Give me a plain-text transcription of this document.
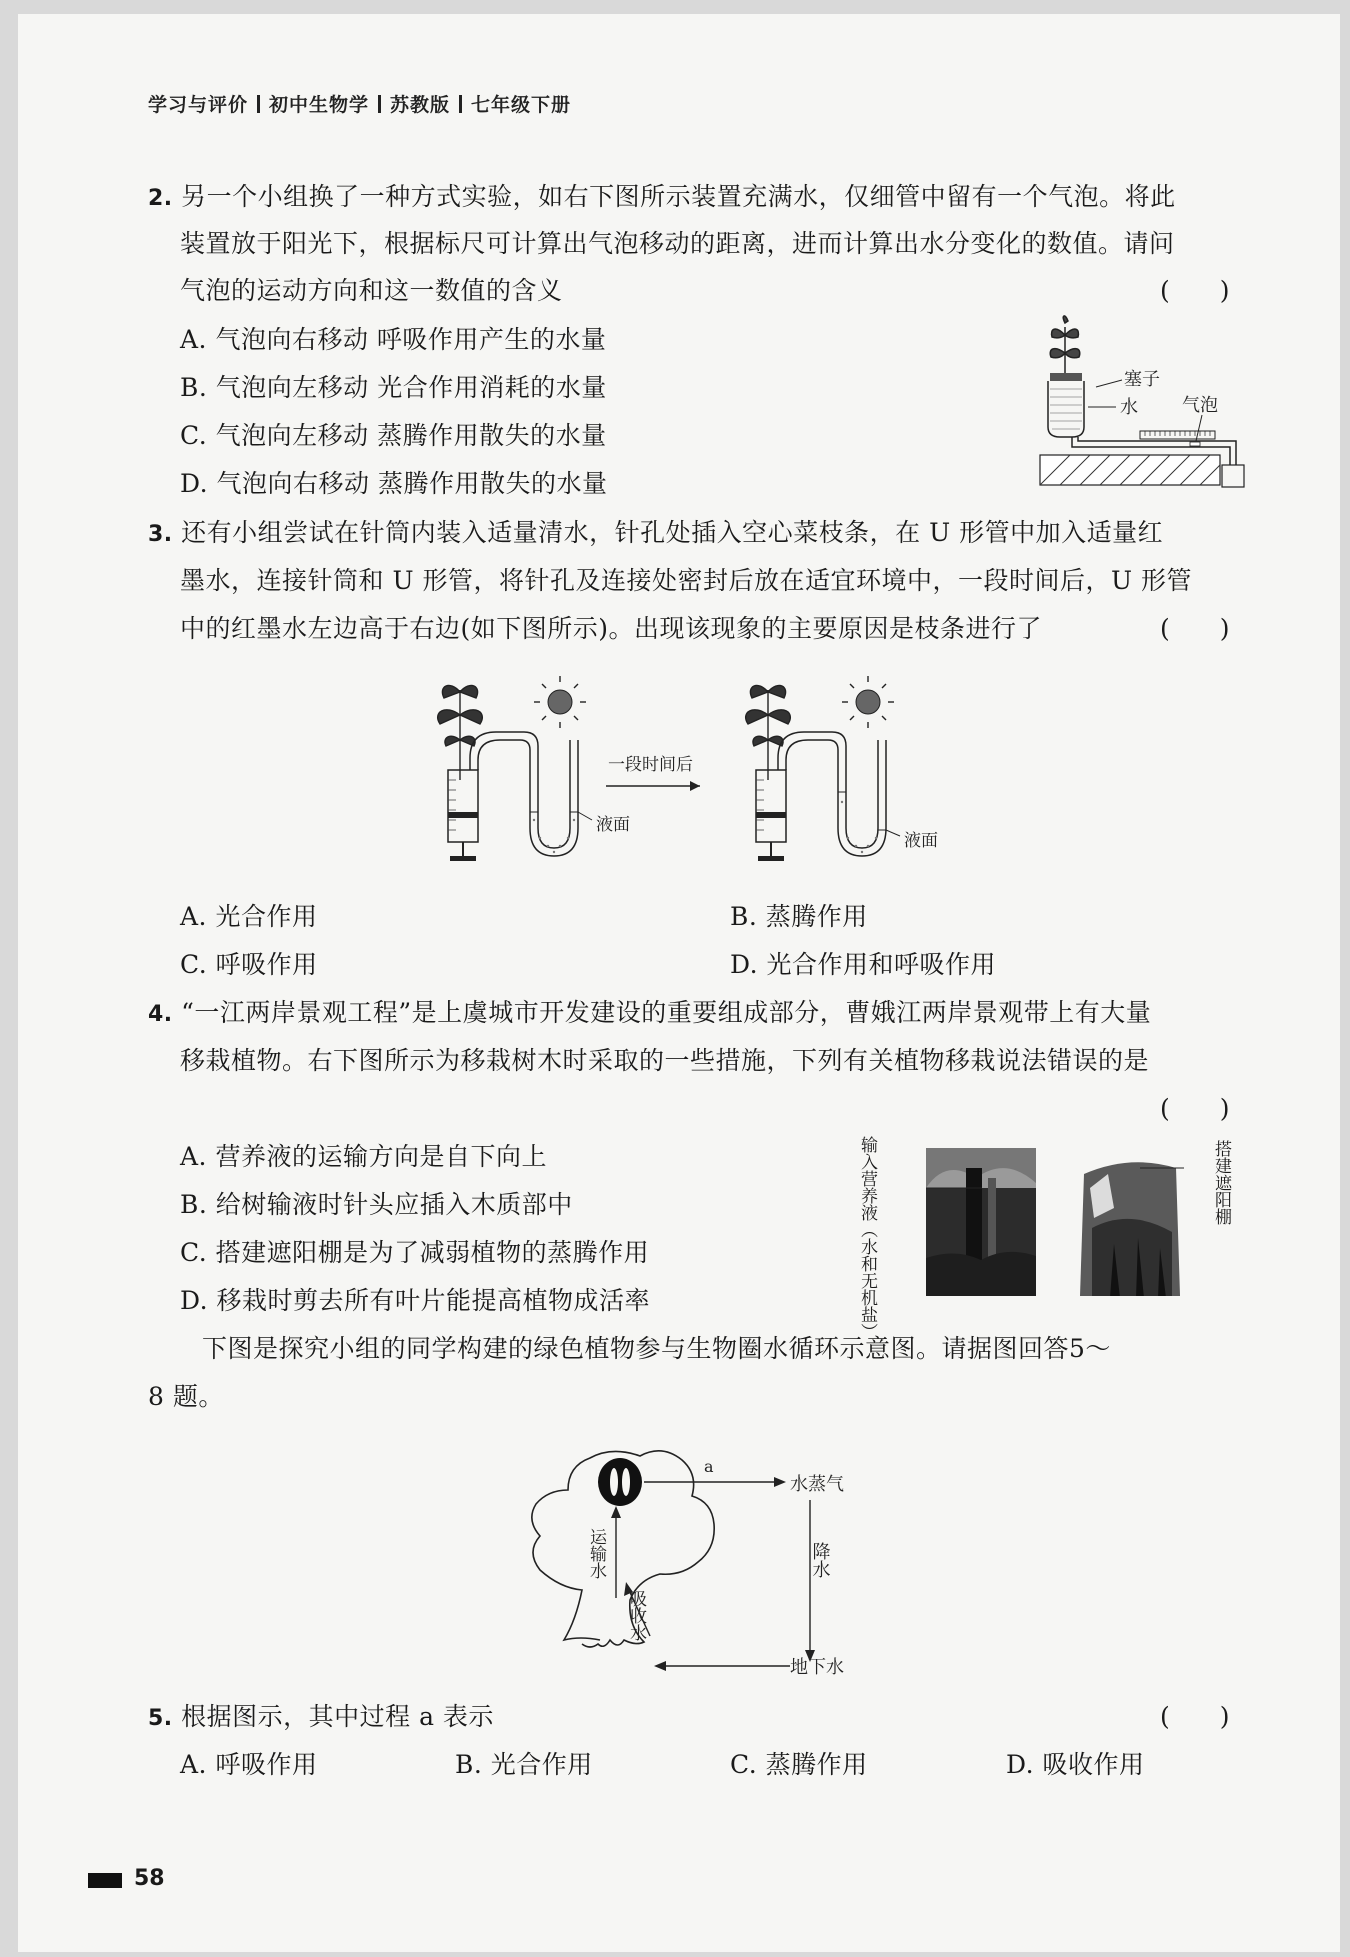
学习与评价 初中生物学 苏教版 七年级下册
2. 另一个小组换了一种方式实验，如右下图所示装置充满水，仅细管中留有一个气泡。将此
装置放于阳光下，根据标尺可计算出气泡移动的距离，进而计算出水分变化的数值。请问
气泡的运动方向和这一数值的含义	(　　)
A. 气泡向右移动 呼吸作用产生的水量
B. 气泡向左移动 光合作用消耗的水量
C. 气泡向左移动 蒸腾作用散失的水量
D. 气泡向右移动 蒸腾作用散失的水量
塞子
水 气泡
3. 还有小组尝试在针筒内装入适量清水，针孔处插入空心菜枝条，在 U 形管中加入适量红
墨水，连接针筒和 U 形管，将针孔及连接处密封后放在适宜环境中，一段时间后，U 形管
中的红墨水左边高于右边(如下图所示)。出现该现象的主要原因是枝条进行了	(　　)
液面
一段时间后
液面
A. 光合作用	B. 蒸腾作用
C. 呼吸作用	D. 光合作用和呼吸作用
4. “一江两岸景观工程”是上虞城市开发建设的重要组成部分，曹娥江两岸景观带上有大量
移栽植物。右下图所示为移栽树木时采取的一些措施，下列有关植物移栽说法错误的是
(　　)
A. 营养液的运输方向是自下向上
B. 给树输液时针头应插入木质部中
C. 搭建遮阳棚是为了减弱植物的蒸腾作用
D. 移栽时剪去所有叶片能提高植物成活率	输入营养液（水和无机盐）	搭建遮阳棚
下图是探究小组的同学构建的绿色植物参与生物圈水循环示意图。请据图回答5～
8 题。
a
水蒸气
降水
运输水
吸收水
地下水
5. 根据图示，其中过程 a 表示	(　　)
A. 呼吸作用	B. 光合作用	C. 蒸腾作用	D. 吸收作用
58
